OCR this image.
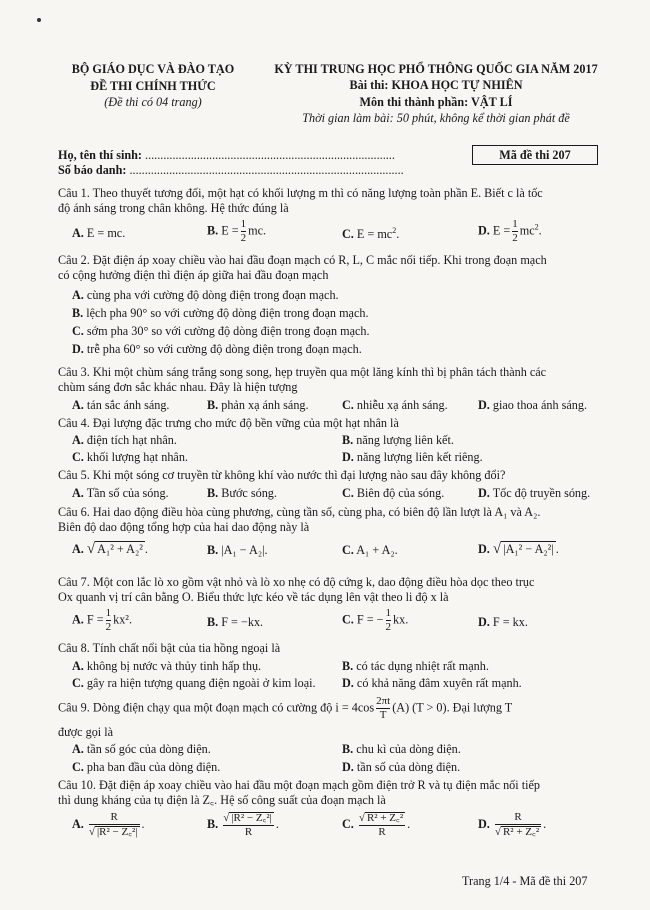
BỘ GIÁO DỤC VÀ ĐÀO TẠO
ĐỀ THI CHÍNH THỨC
(Đề thi có 04 trang)
KỲ THI TRUNG HỌC PHỔ THÔNG QUỐC GIA NĂM 2017
Bài thi: KHOA HỌC TỰ NHIÊN
Môn thi thành phần: VẬT LÍ
Thời gian làm bài: 50 phút, không kể thời gian phát đề
Họ, tên thí sinh: ..................................................................................
Số báo danh: ..........................................................................................
Mã đề thi 207
Câu 1. Theo thuyết tương đối, một hạt có khối lượng m thì có năng lượng toàn phần E. Biết c là tốc
độ ánh sáng trong chân không. Hệ thức đúng là
A. E = mc.	B. $E = \frac{1}{2}$ mc.	C. $E = mc^2$.	D. $E = \frac{1}{2} mc^2$.
Câu 2. Đặt điện áp xoay chiều vào hai đầu đoạn mạch có R, L, C mắc nối tiếp. Khi trong đoạn mạch
có cộng hưởng điện thì điện áp giữa hai đầu đoạn mạch
A. cùng pha với cường độ dòng điện trong đoạn mạch.
B. lệch pha 90° so với cường độ dòng điện trong đoạn mạch.
C. sớm pha 30° so với cường độ dòng điện trong đoạn mạch.
D. trễ pha 60° so với cường độ dòng điện trong đoạn mạch.
Câu 3. Khi một chùm sáng trắng song song, hẹp truyền qua một lăng kính thì bị phân tách thành các
chùm sáng đơn sắc khác nhau. Đây là hiện tượng
A. tán sắc ánh sáng.	B. phản xạ ánh sáng.	C. nhiễu xạ ánh sáng. D. giao thoa ánh sáng.
Câu 4. Đại lượng đặc trưng cho mức độ bền vững của một hạt nhân là
A. điện tích hạt nhân.	B. năng lượng liên kết.
C. khối lượng hạt nhân.	D. năng lượng liên kết riêng.
Câu 5. Khi một sóng cơ truyền từ không khí vào nước thì đại lượng nào sau đây không đổi?
A. Tần số của sóng.	B. Bước sóng.	C. Biên độ của sóng.	D. Tốc độ truyền sóng.
Câu 6. Hai dao động điều hòa cùng phương, cùng tần số, cùng pha, có biên độ lần lượt là A₁ và A₂.
Biên độ dao động tổng hợp của hai dao động này là
A. √ A₁² + A₂² .	B. |A₁ − A₂|.	C. A₁ + A₂.	D. √ |A₁² − A₂²| .
Câu 7. Một con lắc lò xo gồm vật nhỏ và lò xo nhẹ có độ cứng k, dao động điều hòa dọc theo trục
Ox quanh vị trí cân bằng O. Biểu thức lực kéo về tác dụng lên vật theo li độ x là
A. $F = \frac{1}{2} kx^2$.	B. F = −kx.	C. F = − $\frac{1}{2}$ kx.	D. F = kx.
Câu 8. Tính chất nổi bật của tia hồng ngoại là
A. không bị nước và thủy tinh hấp thụ.	B. có tác dụng nhiệt rất mạnh.
C. gây ra hiện tượng quang điện ngoài ở kim loại. D. có khả năng đâm xuyên rất mạnh.
Câu 9. Dòng điện chạy qua một đoạn mạch có cường độ $i = 4\cos \frac{2\pi t}{T} (A) (T > 0)$. Đại lượng T
được gọi là
A. tần số góc của dòng điện.	B. chu kì của dòng điện.
C. pha ban đầu của dòng điện.	D. tần số của dòng điện.
Câu 10. Đặt điện áp xoay chiều vào hai đầu một đoạn mạch gồm điện trở R và tụ điện mắc nối tiếp
thì dung kháng của tụ điện là Z꜀. Hệ số công suất của đoạn mạch là
A. $\frac{R}{\text{√ |R² − Z꜀²|}}$ .	B. $\frac{\text{√ |R² − Z꜀²|}}{R}$ .	C. $\frac{\text{√ R² + Z꜀²}}{R}$ .	D. $\frac{R}{\text{√ R² + Z꜀²}}$ .
Trang 1/4 - Mã đề thi 207
